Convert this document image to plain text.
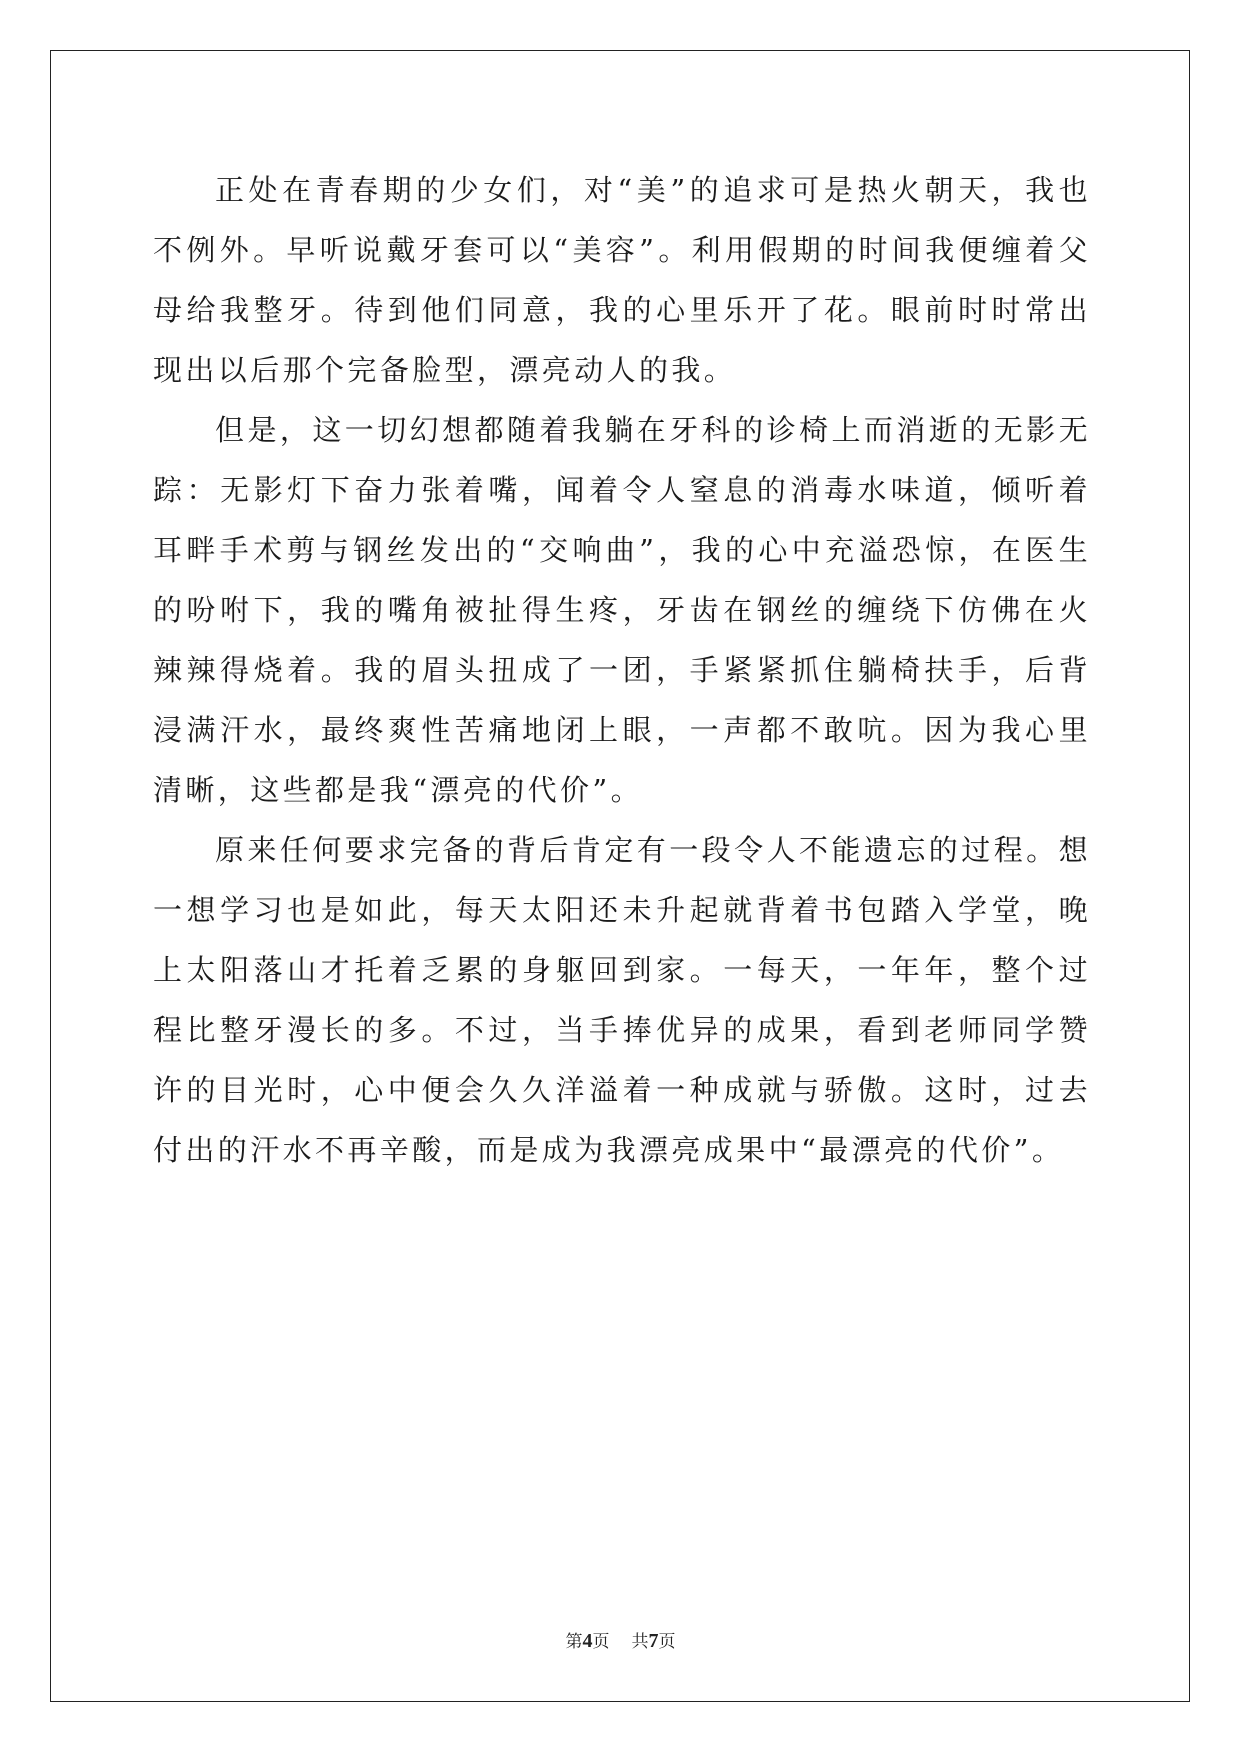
正处在青春期的少女们，对“美”的追求可是热火朝天，我也不例外。早听说戴牙套可以“美容”。利用假期的时间我便缠着父母给我整牙。待到他们同意，我的心里乐开了花。眼前时时常出现出以后那个完备脸型，漂亮动人的我。

但是，这一切幻想都随着我躺在牙科的诊椅上而消逝的无影无踪：无影灯下奋力张着嘴，闻着令人窒息的消毒水味道，倾听着耳畔手术剪与钢丝发出的“交响曲”，我的心中充溢恐惊，在医生的吩咐下，我的嘴角被扯得生疼，牙齿在钢丝的缠绕下仿佛在火辣辣得烧着。我的眉头扭成了一团，手紧紧抓住躺椅扶手，后背浸满汗水，最终爽性苦痛地闭上眼，一声都不敢吭。因为我心里清晰，这些都是我“漂亮的代价”。

原来任何要求完备的背后肯定有一段令人不能遗忘的过程。想一想学习也是如此，每天太阳还未升起就背着书包踏入学堂，晚上太阳落山才托着乏累的身躯回到家。一每天，一年年，整个过程比整牙漫长的多。不过，当手捧优异的成果，看到老师同学赞许的目光时，心中便会久久洋溢着一种成就与骄傲。这时，过去付出的汗水不再辛酸，而是成为我漂亮成果中“最漂亮的代价”。

第4页 共7页
